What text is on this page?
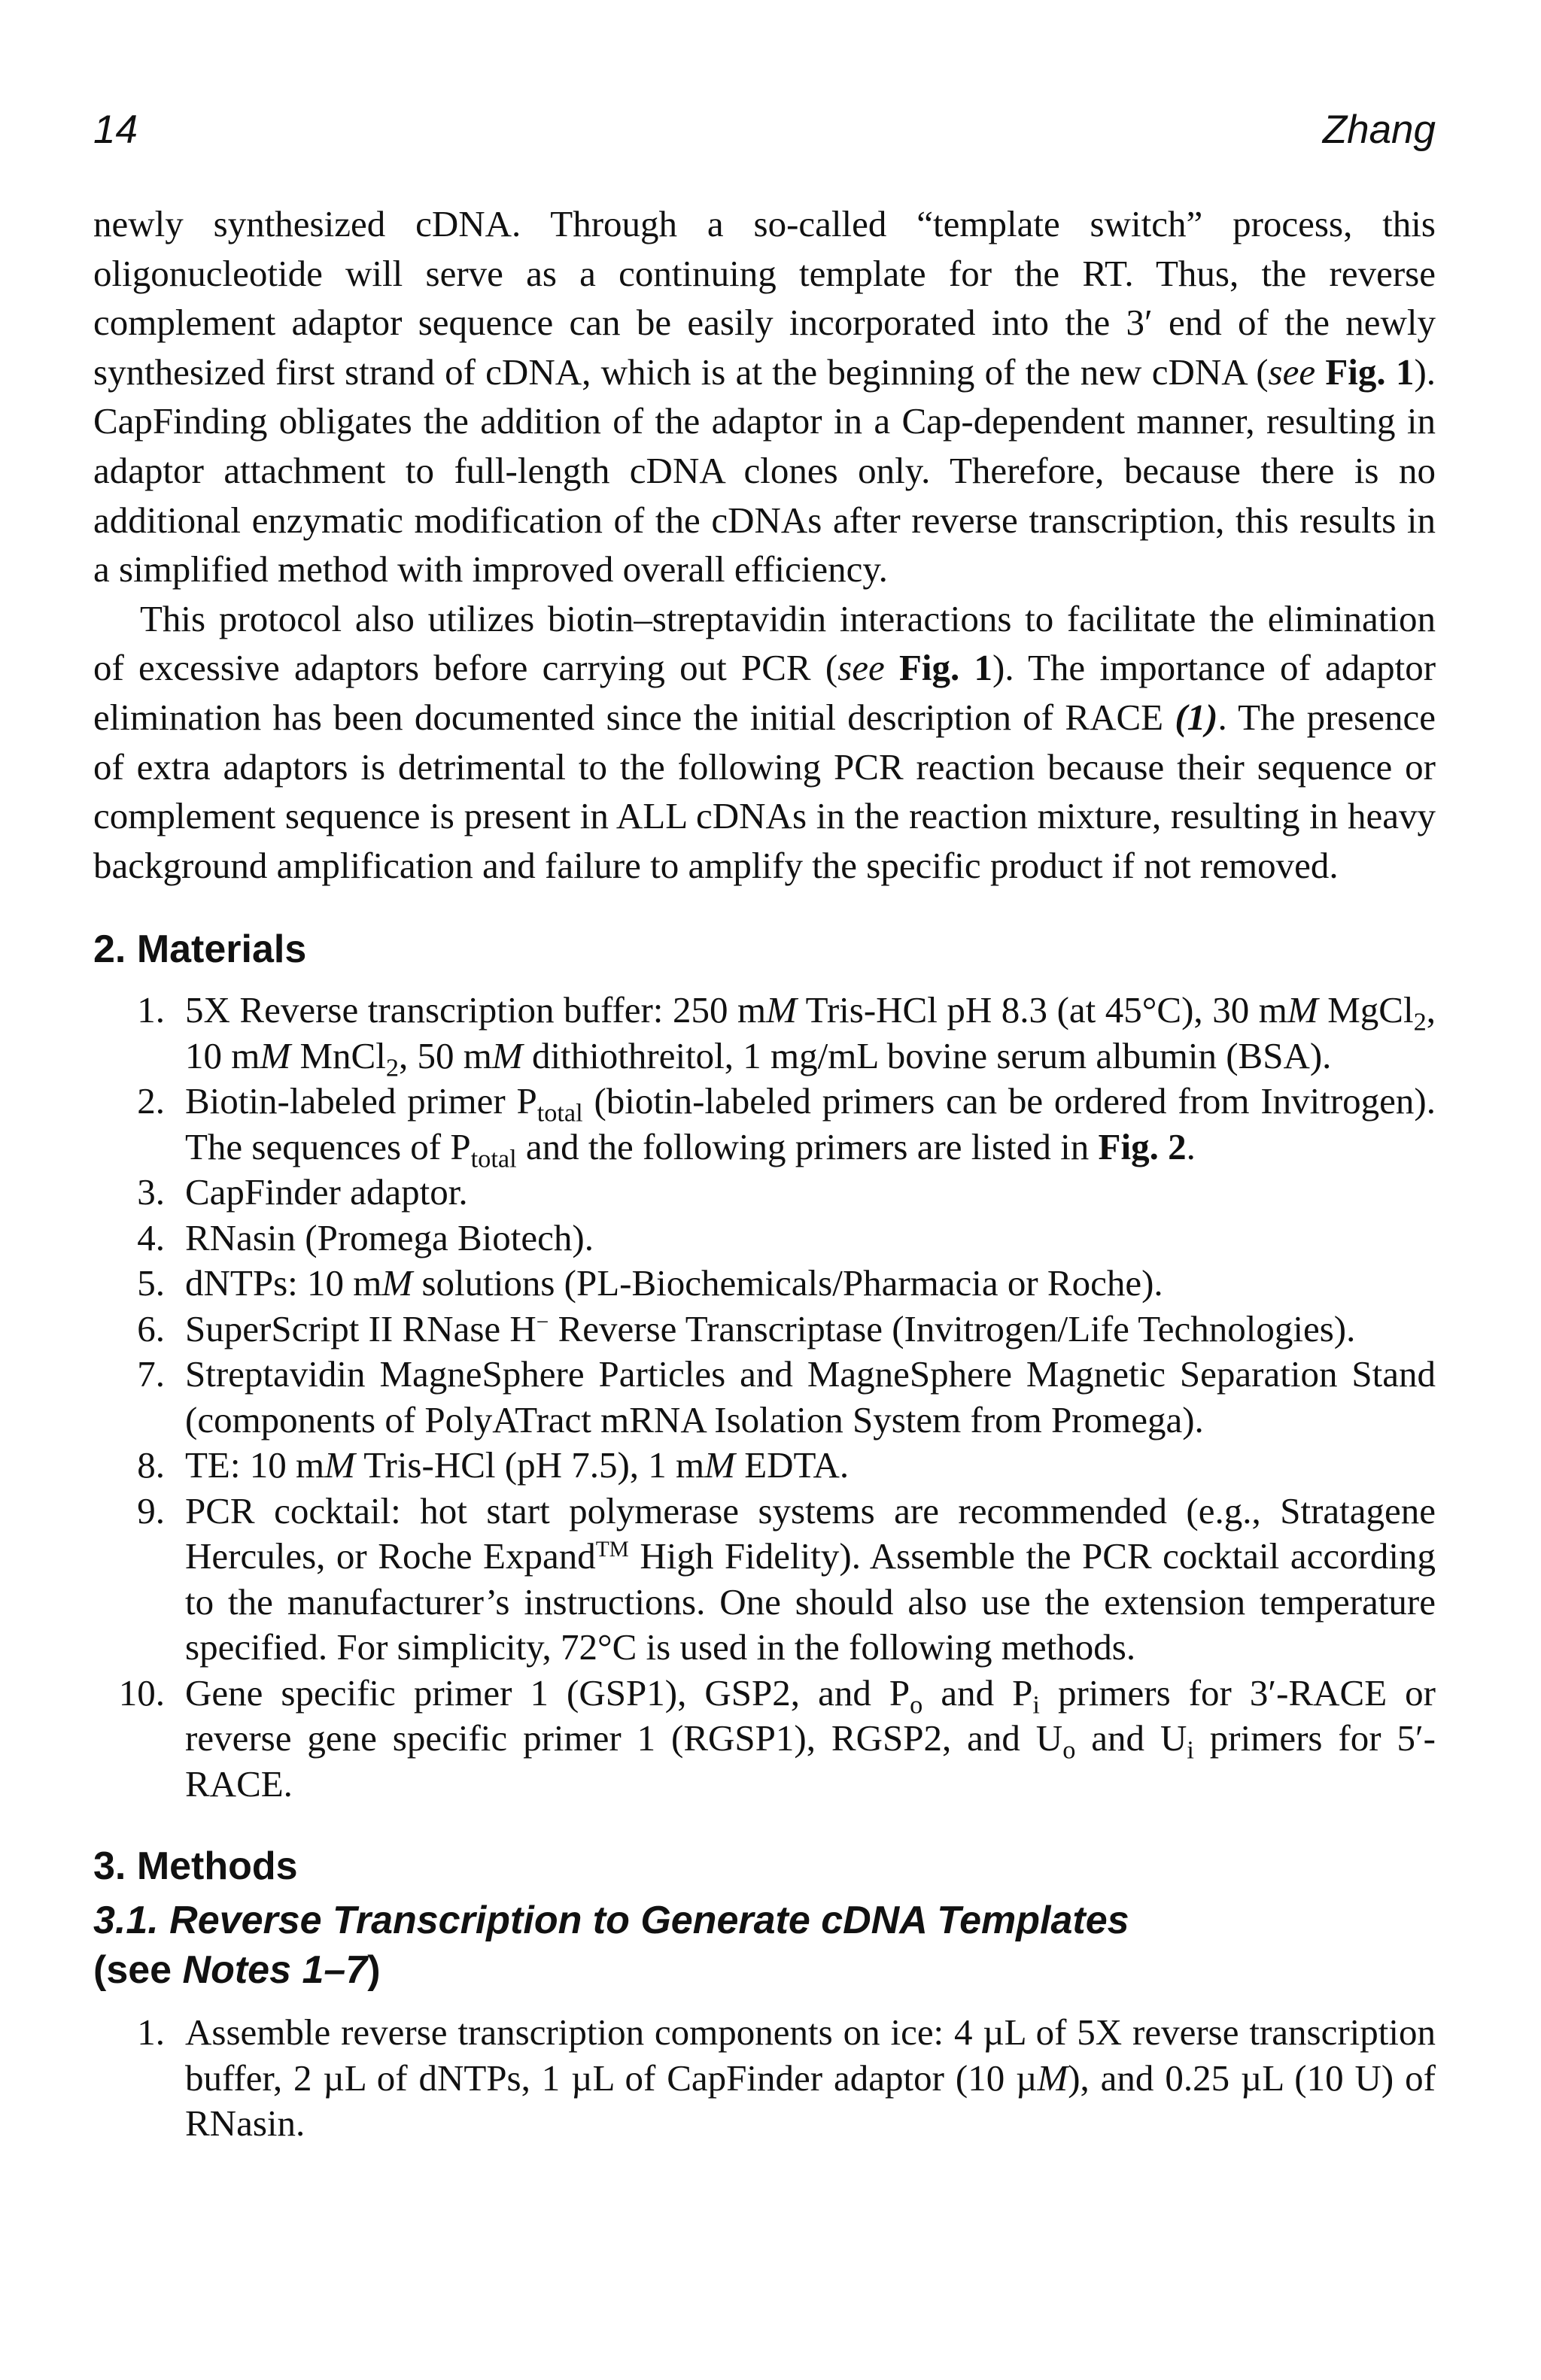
14	Zhang

newly synthesized cDNA. Through a so-called “template switch” process, this oligonucleotide will serve as a continuing template for the RT. Thus, the reverse complement adaptor sequence can be easily incorporated into the 3′ end of the newly synthesized first strand of cDNA, which is at the beginning of the new cDNA (see Fig. 1). CapFinding obligates the addition of the adaptor in a Cap-dependent manner, resulting in adaptor attachment to full-length cDNA clones only. Therefore, because there is no additional enzymatic modification of the cDNAs after reverse transcription, this results in a simplified method with improved overall efficiency.

This protocol also utilizes biotin–streptavidin interactions to facilitate the elimination of excessive adaptors before carrying out PCR (see Fig. 1). The importance of adaptor elimination has been documented since the initial description of RACE (1). The presence of extra adaptors is detrimental to the following PCR reaction because their sequence or complement sequence is present in ALL cDNAs in the reaction mixture, resulting in heavy background amplification and failure to amplify the specific product if not removed.

2. Materials
1. 5X Reverse transcription buffer: 250 mM Tris-HCl pH 8.3 (at 45°C), 30 mM MgCl$_2$, 10 mM MnCl$_2$, 50 mM dithiothreitol, 1 mg/mL bovine serum albumin (BSA).
2. Biotin-labeled primer $P_{total}$ (biotin-labeled primers can be ordered from Invitrogen). The sequences of $P_{total}$ and the following primers are listed in Fig. 2.
3. CapFinder adaptor.
4. RNasin (Promega Biotech).
5. dNTPs: 10 mM solutions (PL-Biochemicals/Pharmacia or Roche).
6. SuperScript II RNase H− Reverse Transcriptase (Invitrogen/Life Technologies).
7. Streptavidin MagneSphere Particles and MagneSphere Magnetic Separation Stand (components of PolyATract mRNA Isolation System from Promega).
8. TE: 10 mM Tris-HCl (pH 7.5), 1 mM EDTA.
9. PCR cocktail: hot start polymerase systems are recommended (e.g., Stratagene Hercules, or Roche Expand™ High Fidelity). Assemble the PCR cocktail according to the manufacturer’s instructions. One should also use the extension temperature specified. For simplicity, 72°C is used in the following methods.
10. Gene specific primer 1 (GSP1), GSP2, and $P_o$ and $P_i$ primers for 3′-RACE or reverse gene specific primer 1 (RGSP1), RGSP2, and $U_o$ and $U_i$ primers for 5′-RACE.
3. Methods
3.1. Reverse Transcription to Generate cDNA Templates
(see Notes 1–7)
1. Assemble reverse transcription components on ice: 4 µL of 5X reverse transcription buffer, 2 µL of dNTPs, 1 µL of CapFinder adaptor (10 µM), and 0.25 µL (10 U) of RNasin.
